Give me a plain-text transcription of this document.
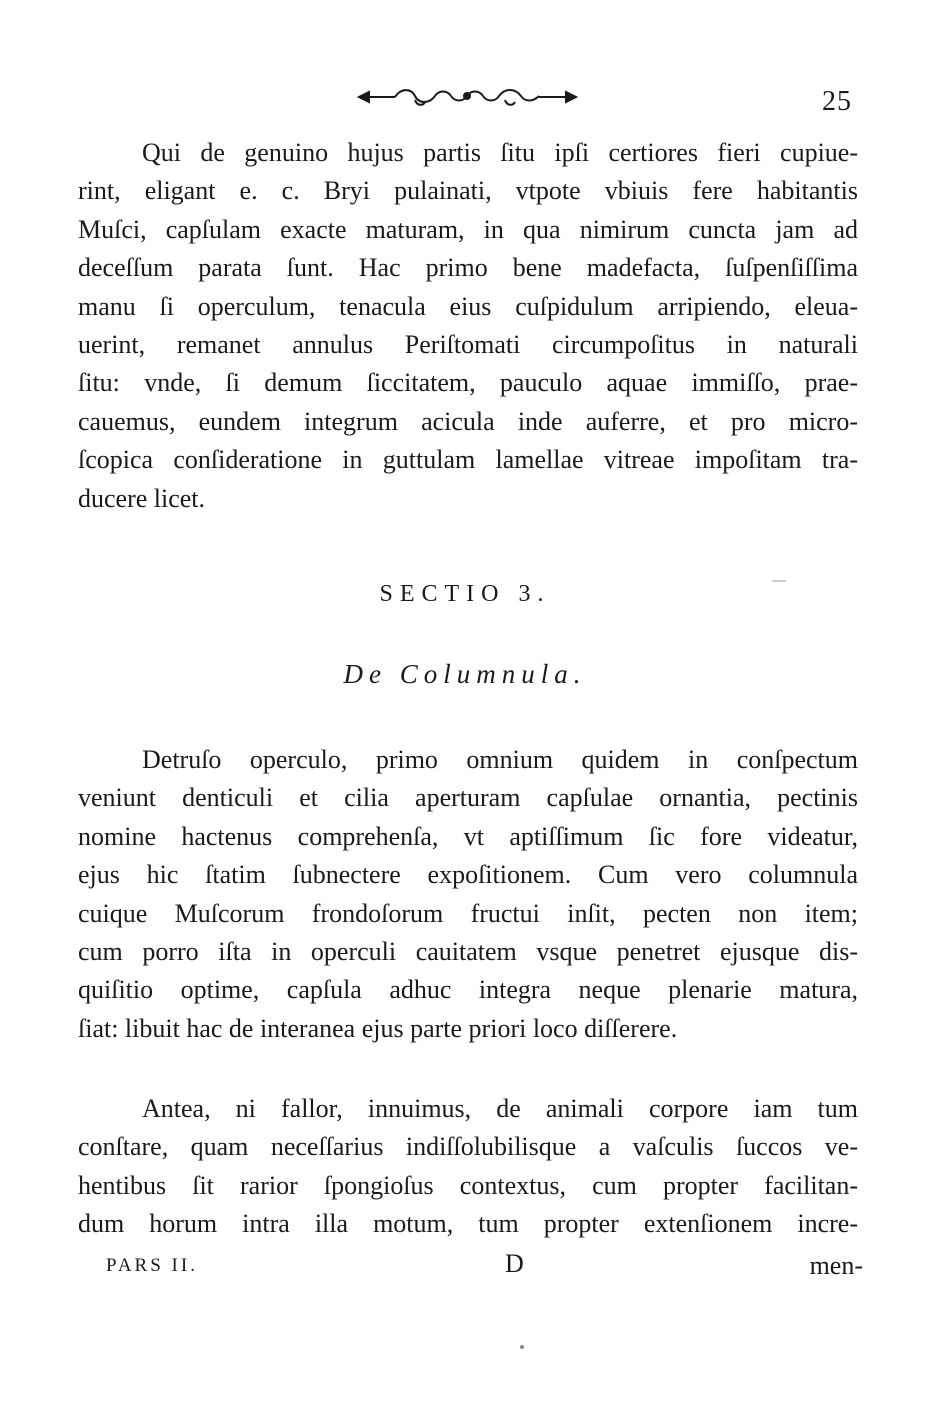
25

Qui de genuino hujus partis ſitu ipſi certiores fieri cupiue-
rint, eligant e. c. Bryi pulainati, vtpote vbiuis fere habitantis
Muſci, capſulam exacte maturam, in qua nimirum cuncta jam ad
deceſſum parata ſunt. Hac primo bene madefacta, ſuſpenſiſſima
manu ſi operculum, tenacula eius cuſpidulum arripiendo, eleua-
uerint, remanet annulus Periſtomati circumpoſitus in naturali
ſitu: vnde, ſi demum ſiccitatem, pauculo aquae immiſſo, prae-
cauemus, eundem integrum acicula inde auferre, et pro micro-
ſcopica conſideratione in guttulam lamellae vitreae impoſitam tra-
ducere licet.

SECTIO 3.
De Columnula.

Detruſo operculo, primo omnium quidem in conſpectum
veniunt denticuli et cilia aperturam capſulae ornantia, pectinis
nomine hactenus comprehenſa, vt aptiſſimum ſic fore videatur,
ejus hic ſtatim ſubnectere expoſitionem. Cum vero columnula
cuique Muſcorum frondoſorum fructui inſit, pecten non item;
cum porro iſta in operculi cauitatem vsque penetret ejusque dis-
quiſitio optime, capſula adhuc integra neque plenarie matura,
ſiat: libuit hac de interanea ejus parte priori loco diſſerere.

Antea, ni fallor, innuimus, de animali corpore iam tum
conſtare, quam neceſſarius indiſſolubilisque a vaſculis ſuccos ve-
hentibus ſit rarior ſpongioſus contextus, cum propter facilitan-
dum horum intra illa motum, tum propter extenſionem incre-

PARS II.	D	men-
